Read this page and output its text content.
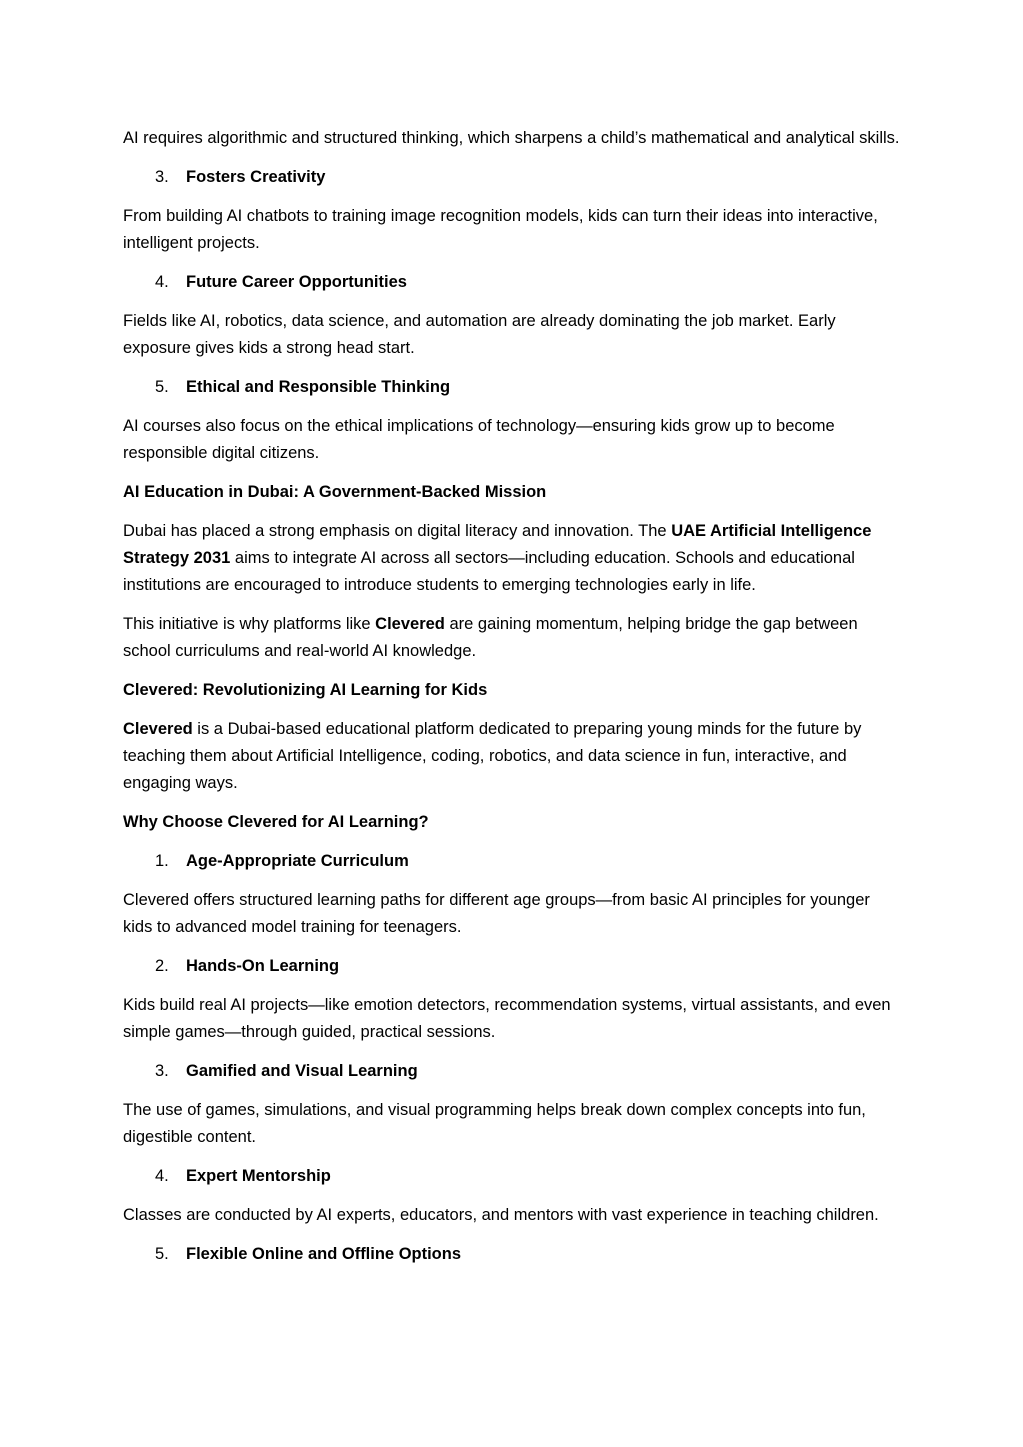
AI requires algorithmic and structured thinking, which sharpens a child’s mathematical and analytical skills.

3.	Fosters Creativity

From building AI chatbots to training image recognition models, kids can turn their ideas into interactive, intelligent projects.

4.	Future Career Opportunities

Fields like AI, robotics, data science, and automation are already dominating the job market. Early exposure gives kids a strong head start.

5.	Ethical and Responsible Thinking

AI courses also focus on the ethical implications of technology—ensuring kids grow up to become responsible digital citizens.

AI Education in Dubai: A Government-Backed Mission

Dubai has placed a strong emphasis on digital literacy and innovation. The UAE Artificial Intelligence Strategy 2031 aims to integrate AI across all sectors—including education. Schools and educational institutions are encouraged to introduce students to emerging technologies early in life.

This initiative is why platforms like Clevered are gaining momentum, helping bridge the gap between school curriculums and real-world AI knowledge.

Clevered: Revolutionizing AI Learning for Kids

Clevered is a Dubai-based educational platform dedicated to preparing young minds for the future by teaching them about Artificial Intelligence, coding, robotics, and data science in fun, interactive, and engaging ways.

Why Choose Clevered for AI Learning?

1.	Age-Appropriate Curriculum

Clevered offers structured learning paths for different age groups—from basic AI principles for younger kids to advanced model training for teenagers.

2.	Hands-On Learning

Kids build real AI projects—like emotion detectors, recommendation systems, virtual assistants, and even simple games—through guided, practical sessions.

3.	Gamified and Visual Learning

The use of games, simulations, and visual programming helps break down complex concepts into fun, digestible content.

4.	Expert Mentorship

Classes are conducted by AI experts, educators, and mentors with vast experience in teaching children.

5.	Flexible Online and Offline Options
